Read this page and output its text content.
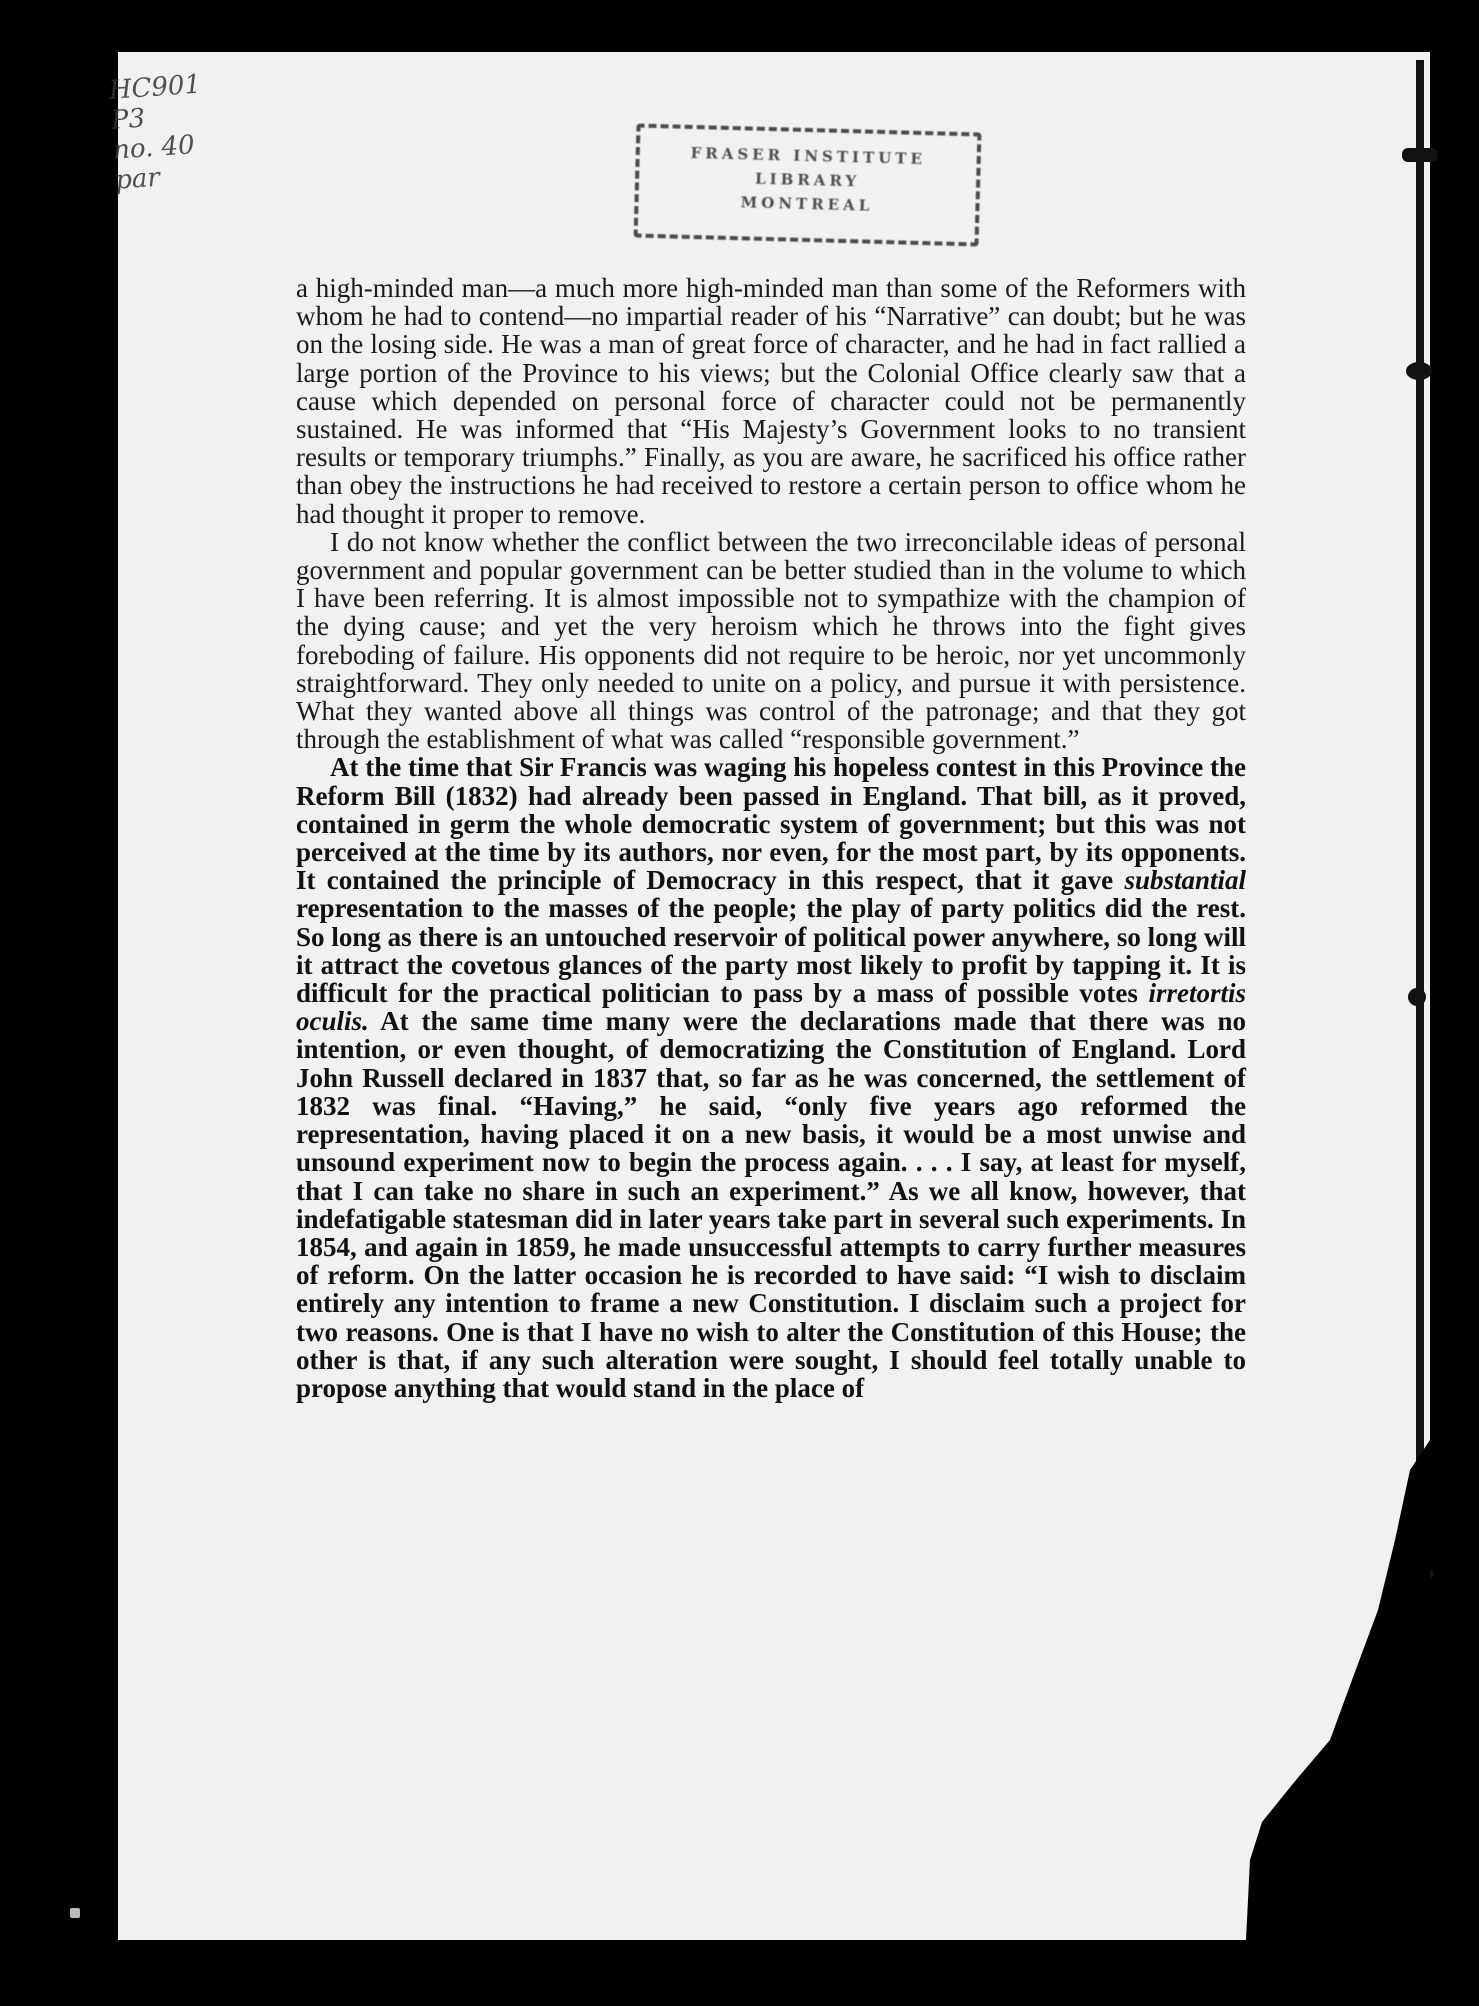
HC901
P3
no. 40
par
FRASER INSTITUTE
LIBRARY
MONTREAL

a high-minded man—a much more high-minded man than some of the Reformers with whom he had to contend—no impartial reader of his “Narrative” can doubt; but he was on the losing side. He was a man of great force of character, and he had in fact rallied a large portion of the Province to his views; but the Colonial Office clearly saw that a cause which depended on personal force of character could not be permanently sustained. He was informed that “His Majesty’s Government looks to no transient results or temporary triumphs.” Finally, as you are aware, he sacrificed his office rather than obey the instructions he had received to restore a certain person to office whom he had thought it proper to remove.

I do not know whether the conflict between the two irreconcilable ideas of personal government and popular government can be better studied than in the volume to which I have been referring. It is almost impossible not to sympathize with the champion of the dying cause; and yet the very heroism which he throws into the fight gives foreboding of failure. His opponents did not require to be heroic, nor yet uncommonly straightforward. They only needed to unite on a policy, and pursue it with persistence. What they wanted above all things was control of the patronage; and that they got through the establishment of what was called “responsible government.”

At the time that Sir Francis was waging his hopeless contest in this Province the Reform Bill (1832) had already been passed in England. That bill, as it proved, contained in germ the whole democratic system of government; but this was not perceived at the time by its authors, nor even, for the most part, by its opponents. It contained the principle of Democracy in this respect, that it gave substantial representation to the masses of the people; the play of party politics did the rest. So long as there is an untouched reservoir of political power anywhere, so long will it attract the covetous glances of the party most likely to profit by tapping it. It is difficult for the practical politician to pass by a mass of possible votes irretortis oculis. At the same time many were the declarations made that there was no intention, or even thought, of democratizing the Constitution of England. Lord John Russell declared in 1837 that, so far as he was concerned, the settlement of 1832 was final. “Having,” he said, “only five years ago reformed the representation, having placed it on a new basis, it would be a most unwise and unsound experiment now to begin the process again. . . . I say, at least for myself, that I can take no share in such an experiment.” As we all know, however, that indefatigable statesman did in later years take part in several such experiments. In 1854, and again in 1859, he made unsuccessful attempts to carry further measures of reform. On the latter occasion he is recorded to have said: “I wish to disclaim entirely any intention to frame a new Constitution. I disclaim such a project for two reasons. One is that I have no wish to alter the Constitution of this House; the other is that, if any such alteration were sought, I should feel totally unable to propose anything that would stand in the place of
